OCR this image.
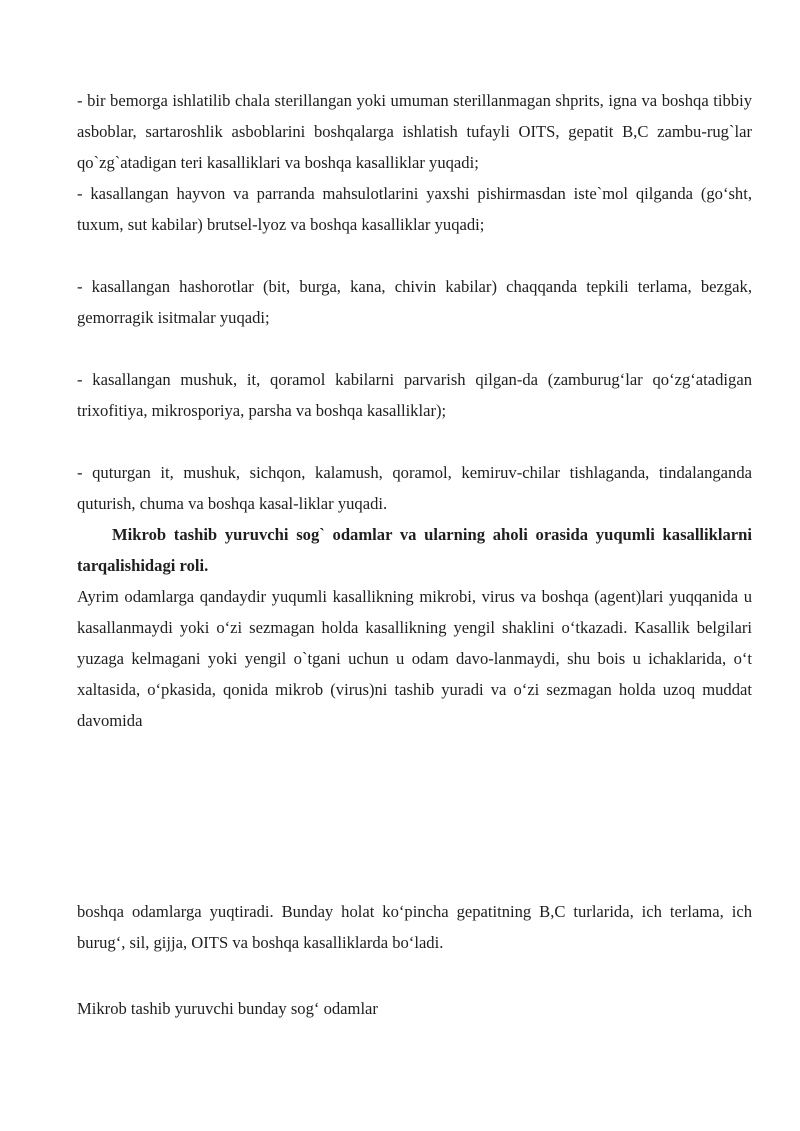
- bir bemorga ishlatilib chala sterillangan yoki umuman sterillanmagan shprits, igna va boshqa tibbiy asboblar, sartaroshlik asboblarini boshqalarga ishlatish tufayli OITS, gepatit B,C zambu-rug`lar qo`zg`atadigan teri kasalliklari va boshqa kasalliklar yuqadi;

- kasallangan hayvon va parranda mahsulotlarini yaxshi pishirmasdan iste`mol qilganda (go‘sht, tuxum, sut kabilar) brutsel-lyoz va boshqa kasalliklar yuqadi;

- kasallangan hashorotlar (bit, burga, kana, chivin kabilar) chaqqanda tepkili terlama, bezgak, gemorragik isitmalar yuqadi;

- kasallangan mushuk, it, qoramol kabilarni parvarish qilgan-da (zamburug‘lar qo‘zg‘atadigan trixofitiya, mikrosporiya, parsha va boshqa kasalliklar);

- quturgan it, mushuk, sichqon, kalamush, qoramol, kemiruv-chilar tishlaganda, tindalanganda quturish, chuma va boshqa kasal-liklar yuqadi.

Mikrob tashib yuruvchi sog` odamlar va ularning aholi orasida yuqumli kasalliklarni tarqalishidagi roli.

Ayrim odamlarga qandaydir yuqumli kasallikning mikrobi, virus va boshqa (agent)lari yuqqanida u kasallanmaydi yoki o‘zi sezmagan holda kasallikning yengil shaklini o‘tkazadi. Kasallik belgilari yuzaga kelmagani yoki yengil o`tgani uchun u odam davo-lanmaydi, shu bois u ichaklarida, o‘t xaltasida, o‘pkasida, qonida mikrob (virus)ni tashib yuradi va o‘zi sezmagan holda uzoq muddat davomida

boshqa odamlarga yuqtiradi. Bunday holat ko‘pincha gepatitning B,C turlarida, ich terlama, ich burug‘, sil, gijja, OITS va boshqa kasalliklarda bo‘ladi.

Mikrob tashib yuruvchi bunday sog‘ odamlar
